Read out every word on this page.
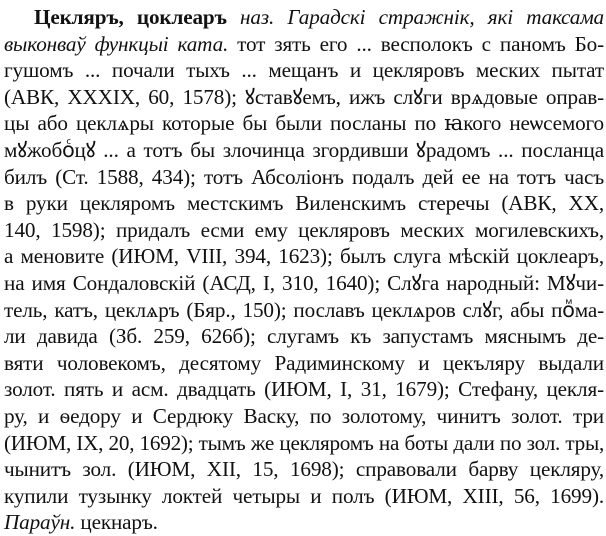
Цекляръ, цоклеаръ наз. Гарадскі стражнік, які таксама
выконваў функцыі ката. тот зять его ... весполокъ с паномъ Бо-
гушомъ ... почали тыхъ ... мещанъ и цекляровъ меских пытат
(АВК, XXXIX, 60, 1578); ꙋставꙋемъ, ижъ слꙋги врѧдовые оправ-
цы або цеклѧры которые бы были посланы по ꙗкого неѡсемого
мꙋжобоⷭцꙋ ... а тотъ бы злочинца згордивши ꙋрадомъ ... посланца
билъ (Ст. 1588, 434); тотъ Абсолiонъ подалъ дей ее на тотъ часъ
в руки цекляромъ местскимъ Виленскимъ стеречы (АВК, XX,
140, 1598); придалъ есми ему цекляровъ меских могилевскихъ,
а меновите (ИЮМ, VIII, 394, 1623); былъ слуга мѣскiй цоклеаръ,
на имя Сондаловскiй (АСД, I, 310, 1640); Слꙋга народный: Мꙋчи-
тель, катъ, цеклѧръ (Бяр., 150); пославъ цеклѧров слꙋг, абы поⷨма-
ли давида (Зб. 259, 626б); слугамъ къ запустамъ мяснымъ де-
вяти чоловекомъ, десятому Радиминскому и цекъляру выдали
золот. пять и асм. двадцать (ИЮМ, I, 31, 1679); Стефану, цекля-
ру, и ѳедору и Сердюку Васку, по золотому, чинитъ золот. три
(ИЮМ, IX, 20, 1692); тымъ же цекляромъ на боты дали по зол. тры,
чынитъ зол. (ИЮМ, XII, 15, 1698); справовали барву цекляру,
купили тузынку локтей четыры и полъ (ИЮМ, XIII, 56, 1699).
Параўн. цекнаръ.
